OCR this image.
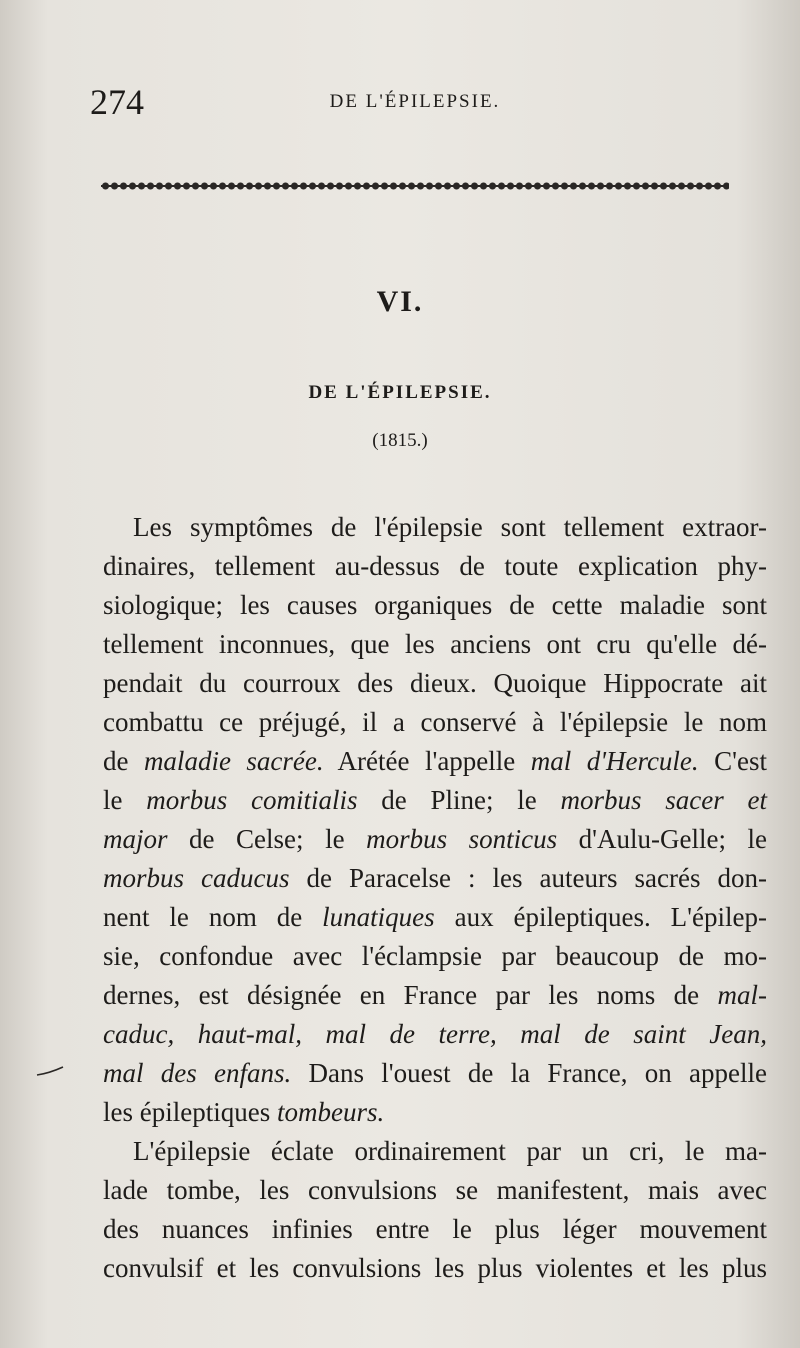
274	DE L'ÉPILEPSIE.
VI.
DE L'ÉPILEPSIE.
(1815.)
Les symptômes de l'épilepsie sont tellement extraor-
dinaires, tellement au-dessus de toute explication phy-
siologique; les causes organiques de cette maladie sont
tellement inconnues, que les anciens ont cru qu'elle dé-
pendait du courroux des dieux. Quoique Hippocrate ait
combattu ce préjugé, il a conservé à l'épilepsie le nom
de maladie sacrée. Arétée l'appelle mal d'Hercule. C'est
le morbus comitialis de Pline; le morbus sacer et
major de Celse; le morbus sonticus d'Aulu-Gelle; le
morbus caducus de Paracelse : les auteurs sacrés don-
nent le nom de lunatiques aux épileptiques. L'épilep-
sie, confondue avec l'éclampsie par beaucoup de mo-
dernes, est désignée en France par les noms de mal-
caduc, haut-mal, mal de terre, mal de saint Jean,
mal des enfans. Dans l'ouest de la France, on appelle
les épileptiques tombeurs.
L'épilepsie éclate ordinairement par un cri, le ma-
lade tombe, les convulsions se manifestent, mais avec
des nuances infinies entre le plus léger mouvement
convulsif et les convulsions les plus violentes et les plus
